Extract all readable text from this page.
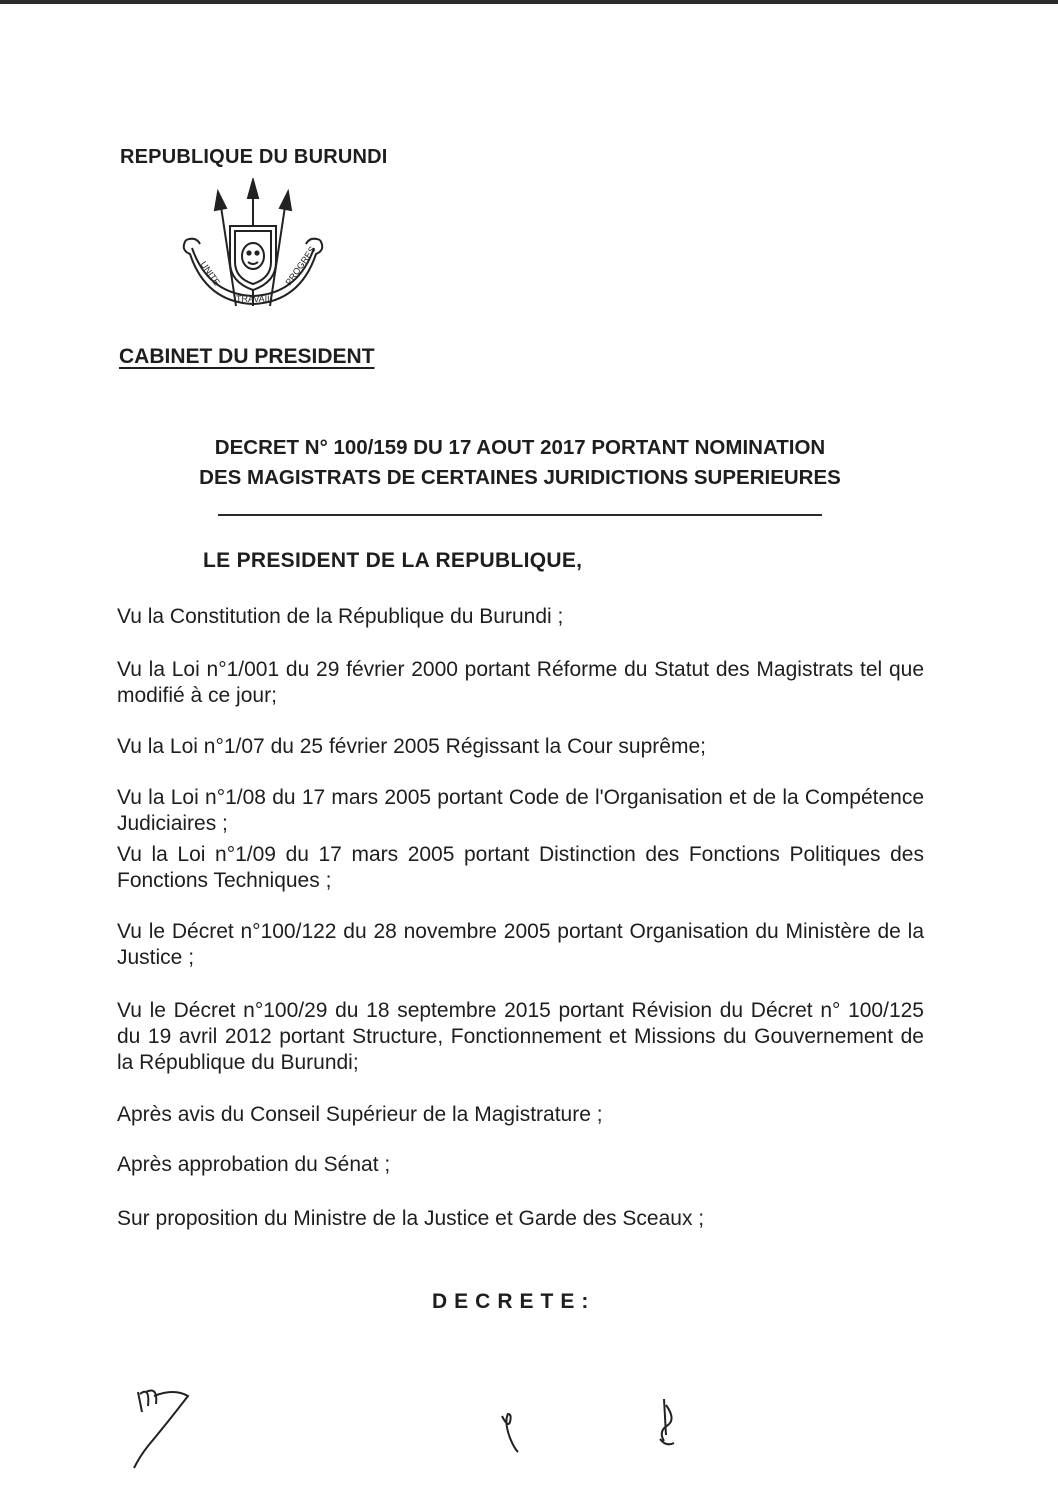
REPUBLIQUE DU BURUNDI
UNITE
TRAVAIL
PROGRES
CABINET DU PRESIDENT
DECRET N° 100/159 DU 17 AOUT 2017 PORTANT NOMINATION
DES MAGISTRATS DE CERTAINES JURIDICTIONS SUPERIEURES
LE PRESIDENT DE LA REPUBLIQUE,
Vu la Constitution de la République du Burundi ;
Vu la Loi n°1/001 du 29 février 2000 portant Réforme du Statut des Magistrats tel que modifié à ce jour;
Vu la Loi n°1/07 du 25 février 2005 Régissant la Cour suprême;
Vu la Loi n°1/08 du 17 mars 2005 portant Code de l'Organisation et de la Compétence Judiciaires ;
Vu la Loi n°1/09 du 17 mars 2005 portant Distinction des Fonctions Politiques des Fonctions Techniques ;
Vu le Décret n°100/122 du 28 novembre 2005 portant Organisation du Ministère de la Justice ;
Vu le Décret n°100/29 du 18 septembre 2015 portant Révision du Décret n° 100/125 du 19 avril 2012 portant Structure, Fonctionnement et Missions du Gouvernement de la République du Burundi;
Après avis du Conseil Supérieur de la Magistrature ;
Après approbation du Sénat ;
Sur proposition du Ministre de la Justice et Garde des Sceaux ;
DECRETE:
